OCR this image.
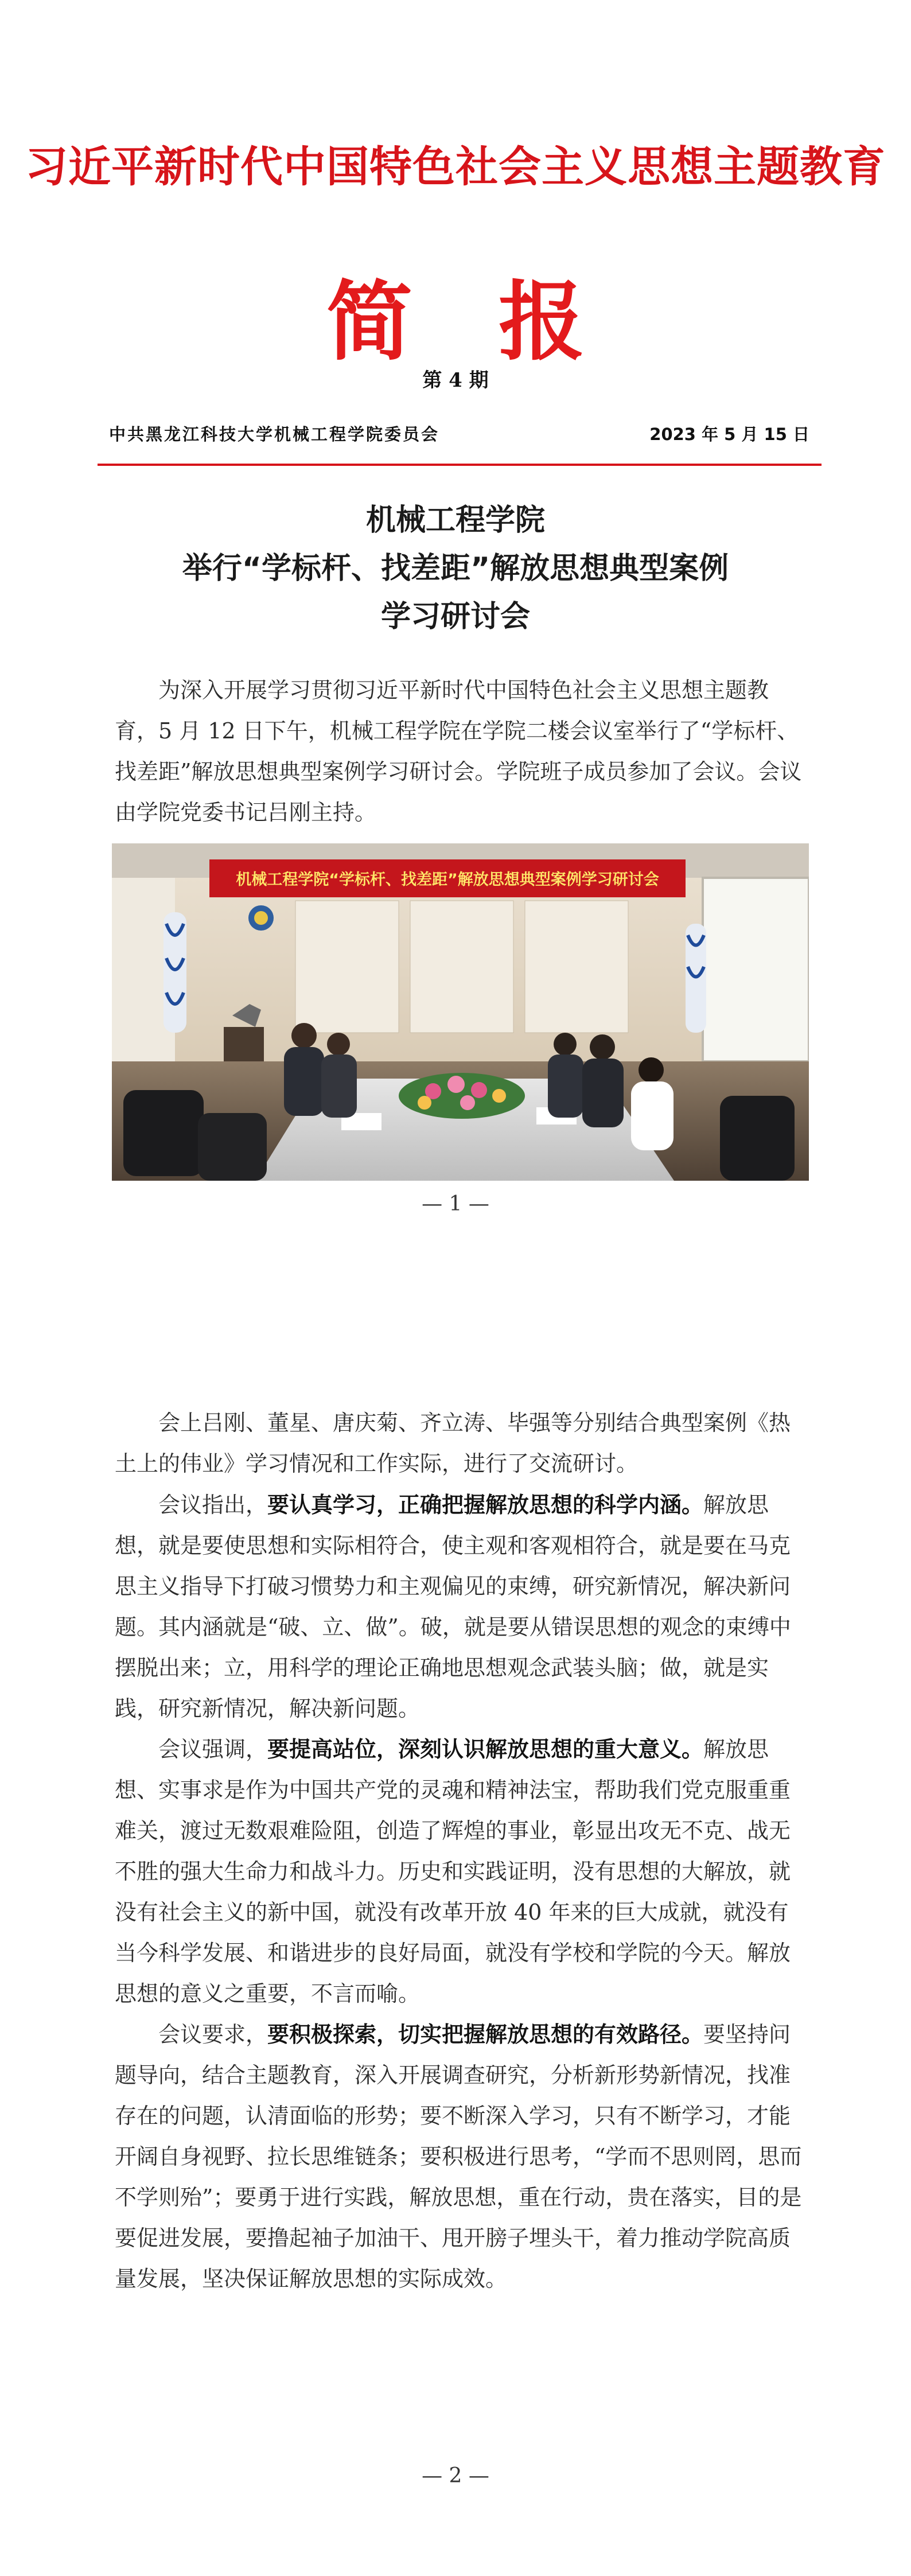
习近平新时代中国特色社会主义思想主题教育
简报
第 4 期
中共黑龙江科技大学机械工程学院委员会	2023 年 5 月 15 日
机械工程学院
举行“学标杆、找差距”解放思想典型案例
学习研讨会

为深入开展学习贯彻习近平新时代中国特色社会主义思想主题教育，5 月 12 日下午，机械工程学院在学院二楼会议室举行了“学标杆、找差距”解放思想典型案例学习研讨会。学院班子成员参加了会议。会议由学院党委书记吕刚主持。

机械工程学院“学标杆、找差距”解放思想典型案例学习研讨会
— 1 —

会上吕刚、董星、唐庆菊、齐立涛、毕强等分别结合典型案例《热土上的伟业》学习情况和工作实际，进行了交流研讨。

会议指出，要认真学习，正确把握解放思想的科学内涵。解放思想，就是要使思想和实际相符合，使主观和客观相符合，就是要在马克思主义指导下打破习惯势力和主观偏见的束缚，研究新情况，解决新问题。其内涵就是“破、立、做”。破，就是要从错误思想的观念的束缚中摆脱出来；立，用科学的理论正确地思想观念武装头脑；做，就是实践，研究新情况，解决新问题。

会议强调，要提高站位，深刻认识解放思想的重大意义。解放思想、实事求是作为中国共产党的灵魂和精神法宝，帮助我们党克服重重难关，渡过无数艰难险阻，创造了辉煌的事业，彰显出攻无不克、战无不胜的强大生命力和战斗力。历史和实践证明，没有思想的大解放，就没有社会主义的新中国，就没有改革开放 40 年来的巨大成就，就没有当今科学发展、和谐进步的良好局面，就没有学校和学院的今天。解放思想的意义之重要，不言而喻。

会议要求，要积极探索，切实把握解放思想的有效路径。要坚持问题导向，结合主题教育，深入开展调查研究，分析新形势新情况，找准存在的问题，认清面临的形势；要不断深入学习，只有不断学习，才能开阔自身视野、拉长思维链条；要积极进行思考，“学而不思则罔，思而不学则殆”；要勇于进行实践，解放思想，重在行动，贵在落实，目的是要促进发展，要撸起袖子加油干、甩开膀子埋头干，着力推动学院高质量发展，坚决保证解放思想的实际成效。

— 2 —
